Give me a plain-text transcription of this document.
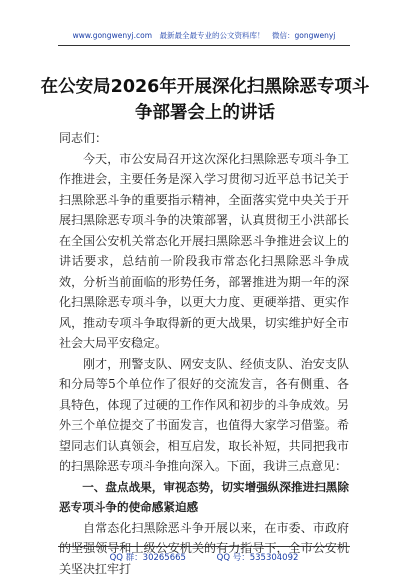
www.gongwenyj.com　最新最全最专业的公文资料库！　微信：gongwenyj
在公安局2026年开展深化扫黑除恶专项斗争部署会上的讲话

同志们：

今天，市公安局召开这次深化扫黑除恶专项斗争工作推进会，主要任务是深入学习贯彻习近平总书记关于扫黑除恶斗争的重要指示精神，全面落实党中央关于开展扫黑除恶专项斗争的决策部署，认真贯彻王小洪部长在全国公安机关常态化开展扫黑除恶斗争推进会议上的讲话要求，总结前一阶段我市常态化扫黑除恶斗争成效，分析当前面临的形势任务，部署推进为期一年的深化扫黑除恶专项斗争，以更大力度、更硬举措、更实作风，推动专项斗争取得新的更大战果，切实维护好全市社会大局平安稳定。

刚才，刑警支队、网安支队、经侦支队、治安支队和分局等5个单位作了很好的交流发言，各有侧重、各具特色，体现了过硬的工作作风和初步的斗争成效。另外三个单位提交了书面发言，也值得大家学习借鉴。希望同志们认真领会，相互启发，取长补短，共同把我市的扫黑除恶专项斗争推向深入。下面，我讲三点意见：

一、盘点战果，审视态势，切实增强纵深推进扫黑除恶专项斗争的使命感紧迫感

自常态化扫黑除恶斗争开展以来，在市委、市政府的坚强领导和上级公安机关的有力指导下，全市公安机关坚决扛牢打

QQ 群：30265665	QQ 号：535304092
